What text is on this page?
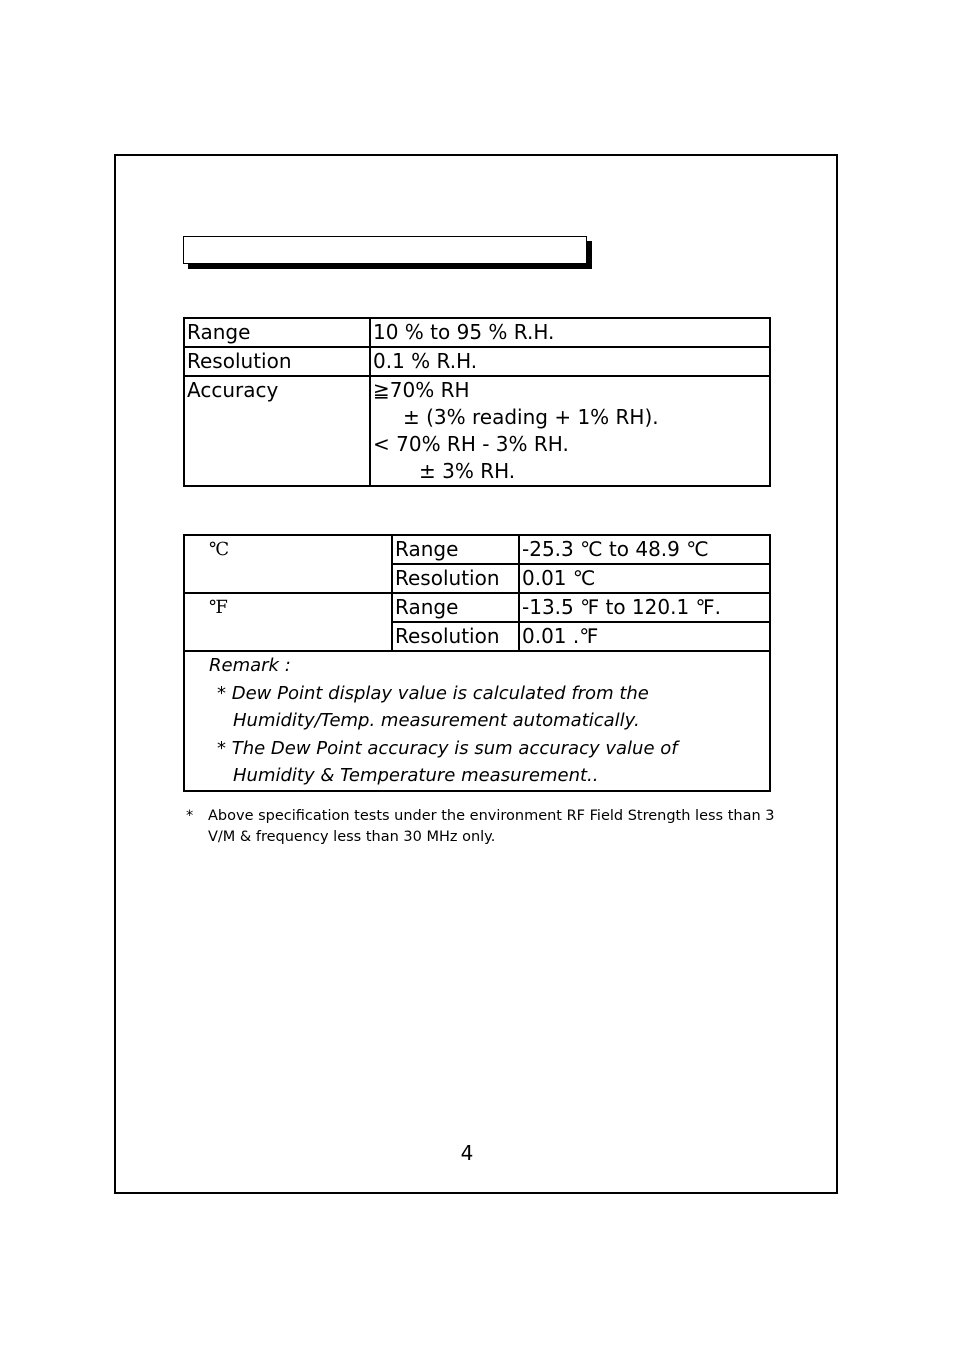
Range	10 % to 95 % R.H.
Resolution	0.1 % R.H.
Accuracy	≧70% RH
± (3% reading + 1% RH).
< 70% RH - 3% RH.
± 3% RH.
℃	Range	-25.3 ℃ to 48.9 ℃
	Resolution	0.01 ℃
℉	Range	-13.5 ℉ to 120.1 ℉.
	Resolution	0.01 .℉

Remark :
* Dew Point display value is calculated from the
Humidity/Temp. measurement automatically.
* The Dew Point accuracy is sum accuracy value of
Humidity & Temperature measurement..		
* Above specification tests under the environment RF Field Strength less than 3 V/M & frequency less than 30 MHz only.
4
